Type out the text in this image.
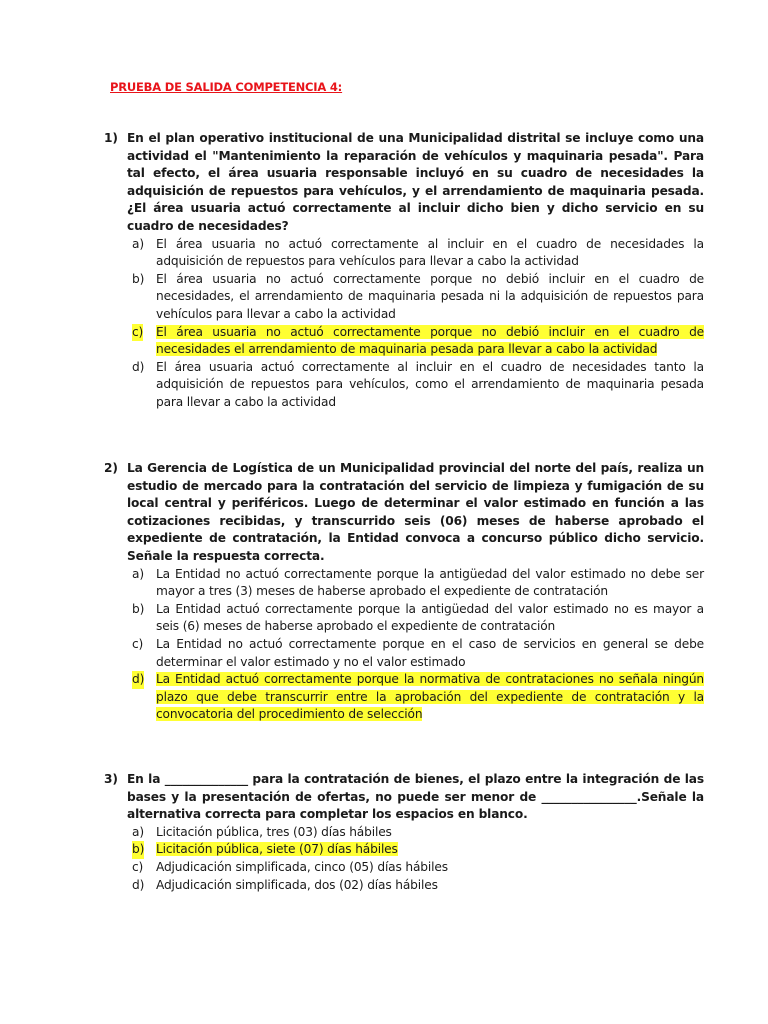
PRUEBA DE SALIDA COMPETENCIA 4:
1) En el plan operativo institucional de una Municipalidad distrital se incluye como una actividad el "Mantenimiento la reparación de vehículos y maquinaria pesada". Para tal efecto, el área usuaria responsable incluyó en su cuadro de necesidades la adquisición de repuestos para vehículos, y el arrendamiento de maquinaria pesada. ¿El área usuaria actuó correctamente al incluir dicho bien y dicho servicio en su cuadro de necesidades?
a) El área usuaria no actuó correctamente al incluir en el cuadro de necesidades la adquisición de repuestos para vehículos para llevar a cabo la actividad
b) El área usuaria no actuó correctamente porque no debió incluir en el cuadro de necesidades, el arrendamiento de maquinaria pesada ni la adquisición de repuestos para vehículos para llevar a cabo la actividad
c) El área usuaria no actuó correctamente porque no debió incluir en el cuadro de necesidades el arrendamiento de maquinaria pesada para llevar a cabo la actividad
d) El área usuaria actuó correctamente al incluir en el cuadro de necesidades tanto la adquisición de repuestos para vehículos, como el arrendamiento de maquinaria pesada para llevar a cabo la actividad
2) La Gerencia de Logística de un Municipalidad provincial del norte del país, realiza un estudio de mercado para la contratación del servicio de limpieza y fumigación de su local central y periféricos. Luego de determinar el valor estimado en función a las cotizaciones recibidas, y transcurrido seis (06) meses de haberse aprobado el expediente de contratación, la Entidad convoca a concurso público dicho servicio. Señale la respuesta correcta.
a) La Entidad no actuó correctamente porque la antigüedad del valor estimado no debe ser mayor a tres (3) meses de haberse aprobado el expediente de contratación
b) La Entidad actuó correctamente porque la antigüedad del valor estimado no es mayor a seis (6) meses de haberse aprobado el expediente de contratación
c) La Entidad no actuó correctamente porque en el caso de servicios en general se debe determinar el valor estimado y no el valor estimado
d) La Entidad actuó correctamente porque la normativa de contrataciones no señala ningún plazo que debe transcurrir entre la aprobación del expediente de contratación y la convocatoria del procedimiento de selección
3) En la ______________ para la contratación de bienes, el plazo entre la integración de las bases y la presentación de ofertas, no puede ser menor de ________________.Señale la alternativa correcta para completar los espacios en blanco.
a) Licitación pública, tres (03) días hábiles
b) Licitación pública, siete (07) días hábiles
c) Adjudicación simplificada, cinco (05) días hábiles
d) Adjudicación simplificada, dos (02) días hábiles
